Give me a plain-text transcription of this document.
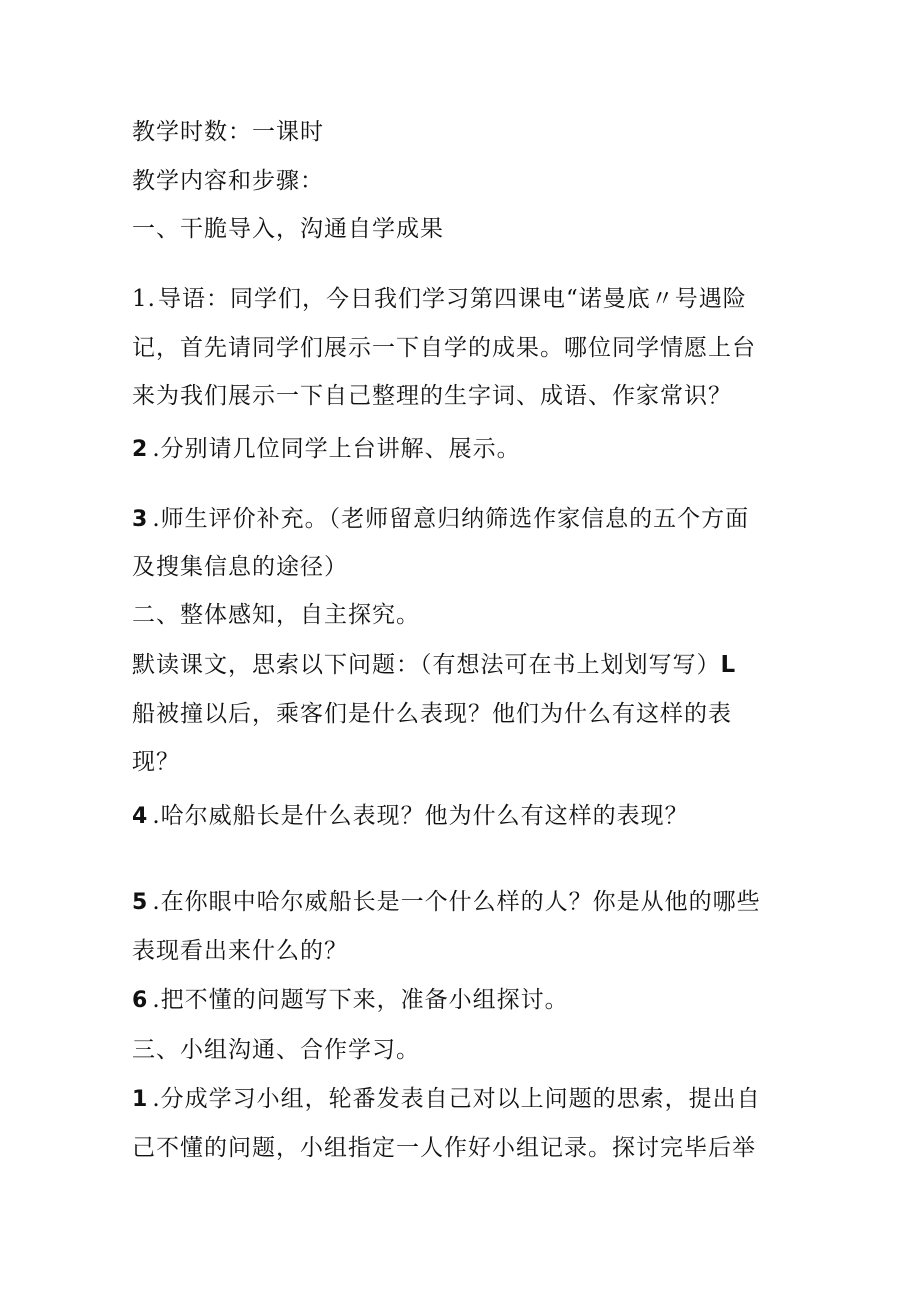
教学时数：一课时
教学内容和步骤：
一、干脆导入，沟通自学成果
1.导语：同学们，今日我们学习第四课电“诺曼底〃号遇险
记，首先请同学们展示一下自学的成果。哪位同学情愿上台
来为我们展示一下自己整理的生字词、成语、作家常识？
2 .分别请几位同学上台讲解、展示。
3 .师生评价补充。（老师留意归纳筛选作家信息的五个方面
及搜集信息的途径）
二、整体感知，自主探究。
默读课文，思索以下问题：（有想法可在书上划划写写）L
船被撞以后，乘客们是什么表现？他们为什么有这样的表
现？
4 .哈尔威船长是什么表现？他为什么有这样的表现？
5 .在你眼中哈尔威船长是一个什么样的人？你是从他的哪些
表现看出来什么的？
6 .把不懂的问题写下来，准备小组探讨。
三、小组沟通、合作学习。
1 .分成学习小组，轮番发表自己对以上问题的思索，提出自
己不懂的问题，小组指定一人作好小组记录。探讨完毕后举
